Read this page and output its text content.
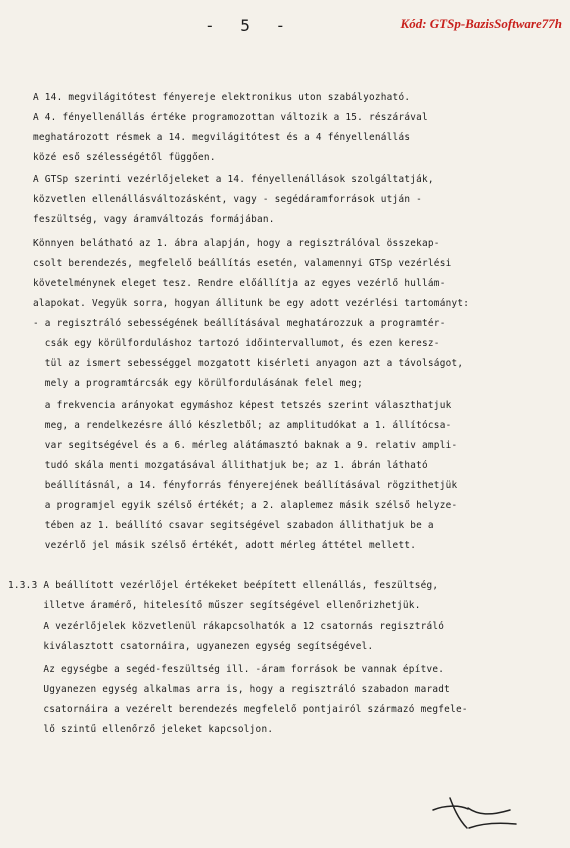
- 5 -	Kód: GTSp-BazisSoftware77h
A 14. megvilágitótest fényereje elektronikus uton szabályozható.
A 4. fényellenállás értéke programozottan változik a 15. részárával
meghatározott résmek a 14. megvilágitótest és a 4 fényellenállás
közé eső szélességétől függően.
A GTSp szerinti vezérlőjeleket a 14. fényellenállások szolgáltatják,
közvetlen ellenállásváltozásként, vagy - segédáramforrások utján -
feszültség, vagy áramváltozás formájában.
Könnyen belátható az 1. ábra alapján, hogy a regisztrálóval összekap-
csolt berendezés, megfelelő beállítás esetén, valamennyi GTSp vezérlési
követelménynek eleget tesz. Rendre előállítja az egyes vezérlő hullám-
alapokat. Vegyük sorra, hogyan állitunk be egy adott vezérlési tartományt:
- a regisztráló sebességének beállításával meghatározzuk a programtér-
csák egy körülforduláshoz tartozó időintervallumot, és ezen keresz-
tül az ismert sebességgel mozgatott kisérleti anyagon azt a távolságot,
mely a programtárcsák egy körülfordulásának felel meg;
a frekvencia arányokat egymáshoz képest tetszés szerint választhatjuk
meg, a rendelkezésre álló készletből; az amplitudókat a 1. állítócsa-
var segitségével és a 6. mérleg alátámasztó baknak a 9. relativ ampli-
tudó skála menti mozgatásával állithatjuk be; az 1. ábrán látható
beállításnál, a 14. fényforrás fényerejének beállításával rögzithetjük
a programjel egyik szélső értékét; a 2. alaplemez másik szélső helyze-
tében az 1. beállító csavar segitségével szabadon állithatjuk be a
vezérlő jel másik szélső értékét, adott mérleg áttétel mellett.
1.3.3 A beállított vezérlőjel értékeket beépített ellenállás, feszültség,
illetve áramérő, hitelesítő műszer segítségével ellenőrizhetjük.
A vezérlőjelek közvetlenül rákapcsolhatók a 12 csatornás regisztráló
kiválasztott csatornáira, ugyanezen egység segítségével.
Az egységbe a segéd-feszültség ill. -áram források be vannak építve.
Ugyanezen egység alkalmas arra is, hogy a regisztráló szabadon maradt
csatornáira a vezérelt berendezés megfelelő pontjairól származó megfele-
lő szintű ellenőrző jeleket kapcsoljon.
